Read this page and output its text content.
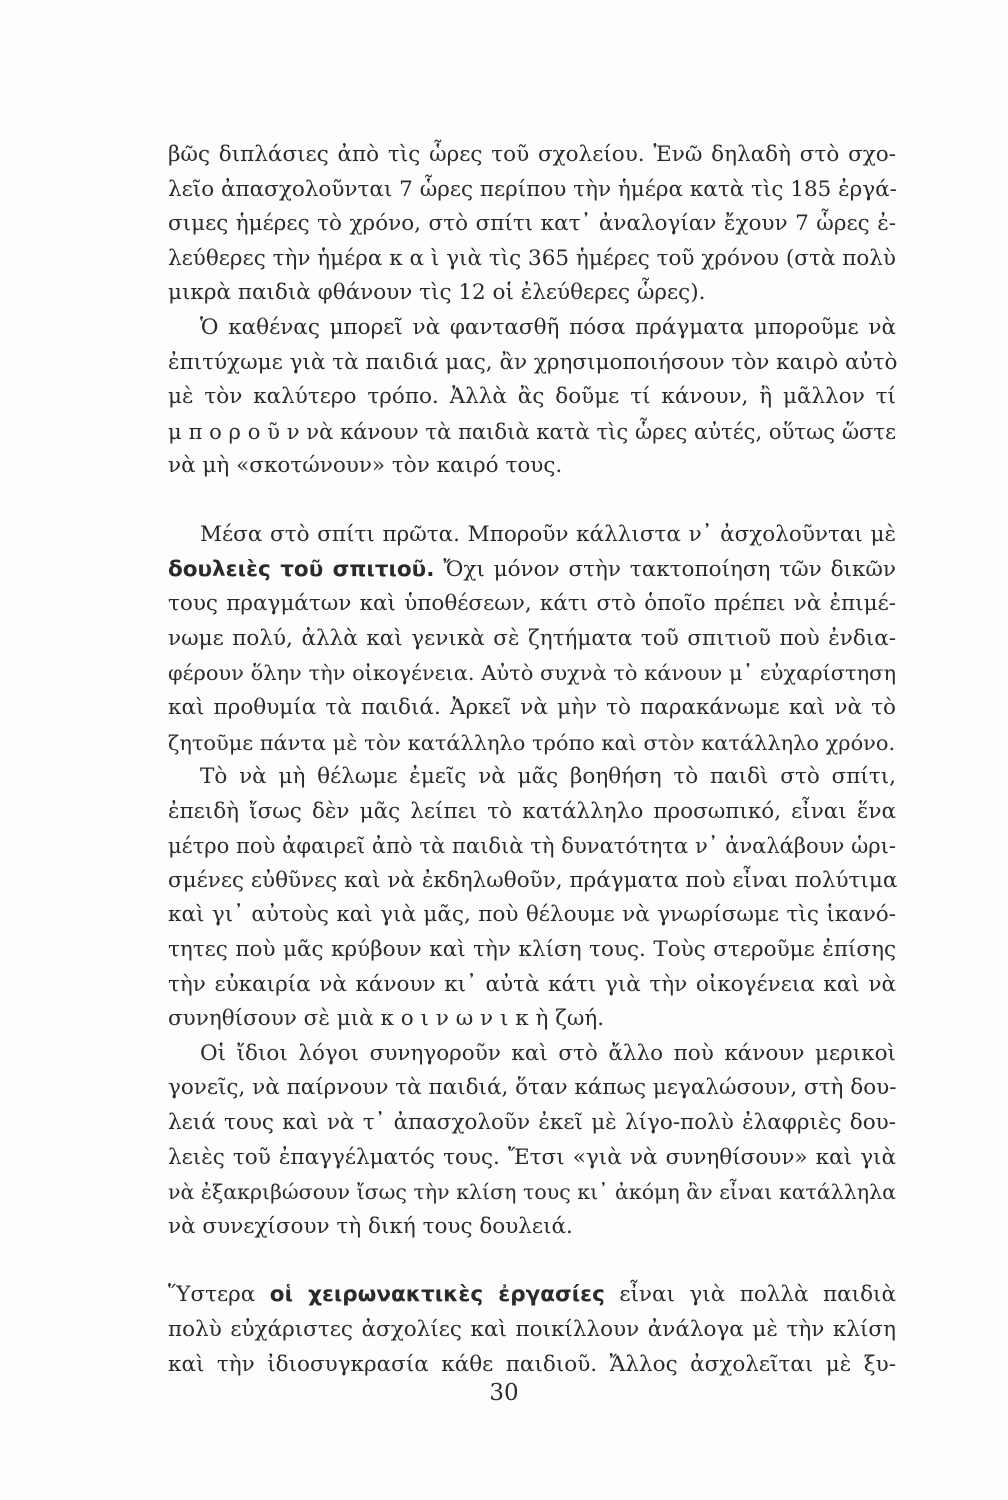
βῶς διπλάσιες ἀπὸ τὶς ὧρες τοῦ σχολείου. Ἐνῶ δηλαδὴ στὸ σχο-
λεῖο ἀπασχολοῦνται 7 ὧρες περίπου τὴν ἡμέρα κατὰ τὶς 185 ἐργά-
σιμες ἡμέρες τὸ χρόνο, στὸ σπίτι κατ᾽ ἀναλογίαν ἔχουν 7 ὧρες ἐ-
λεύθερες τὴν ἡμέρα κ α ὶ γιὰ τὶς 365 ἡμέρες τοῦ χρόνου (στὰ πολὺ
μικρὰ παιδιὰ φθάνουν τὶς 12 οἱ ἐλεύθερες ὧρες).
Ὁ καθένας μπορεῖ νὰ φαντασθῆ πόσα πράγματα μποροῦμε νὰ
ἐπιτύχωμε γιὰ τὰ παιδιά μας, ἂν χρησιμοποιήσουν τὸν καιρὸ αὐτὸ
μὲ τὸν καλύτερο τρόπο. Ἀλλὰ ἂς δοῦμε τί κάνουν, ἢ μᾶλλον τί
μ π ο ρ ο ῦ ν νὰ κάνουν τὰ παιδιὰ κατὰ τὶς ὧρες αὐτές, οὕτως ὥστε
νὰ μὴ «σκοτώνουν» τὸν καιρό τους.
Μέσα στὸ σπίτι πρῶτα. Μποροῦν κάλλιστα ν᾽ ἀσχολοῦνται μὲ
δουλειὲς τοῦ σπιτιοῦ. Ὄχι μόνον στὴν τακτοποίηση τῶν δικῶν
τους πραγμάτων καὶ ὑποθέσεων, κάτι στὸ ὁποῖο πρέπει νὰ ἐπιμέ-
νωμε πολύ, ἀλλὰ καὶ γενικὰ σὲ ζητήματα τοῦ σπιτιοῦ ποὺ ἐνδια-
φέρουν ὅλην τὴν οἰκογένεια. Αὐτὸ συχνὰ τὸ κάνουν μ᾽ εὐχαρίστηση
καὶ προθυμία τὰ παιδιά. Ἀρκεῖ νὰ μὴν τὸ παρακάνωμε καὶ νὰ τὸ
ζητοῦμε πάντα μὲ τὸν κατάλληλο τρόπο καὶ στὸν κατάλληλο χρόνο.
Τὸ νὰ μὴ θέλωμε ἐμεῖς νὰ μᾶς βοηθήση τὸ παιδὶ στὸ σπίτι,
ἐπειδὴ ἴσως δὲν μᾶς λείπει τὸ κατάλληλο προσωπικό, εἶναι ἕνα
μέτρο ποὺ ἀφαιρεῖ ἀπὸ τὰ παιδιὰ τὴ δυνατότητα ν᾽ ἀναλάβουν ὡρι-
σμένες εὐθῦνες καὶ νὰ ἐκδηλωθοῦν, πράγματα ποὺ εἶναι πολύτιμα
καὶ γι᾽ αὐτοὺς καὶ γιὰ μᾶς, ποὺ θέλουμε νὰ γνωρίσωμε τὶς ἱκανό-
τητες ποὺ μᾶς κρύβουν καὶ τὴν κλίση τους. Τοὺς στεροῦμε ἐπίσης
τὴν εὐκαιρία νὰ κάνουν κι᾽ αὐτὰ κάτι γιὰ τὴν οἰκογένεια καὶ νὰ
συνηθίσουν σὲ μιὰ κ ο ι ν ω ν ι κ ὴ ζωή.
Οἱ ἴδιοι λόγοι συνηγοροῦν καὶ στὸ ἄλλο ποὺ κάνουν μερικοὶ
γονεῖς, νὰ παίρνουν τὰ παιδιά, ὅταν κάπως μεγαλώσουν, στὴ δου-
λειά τους καὶ νὰ τ᾽ ἀπασχολοῦν ἐκεῖ μὲ λίγο-πολὺ ἐλαφριὲς δου-
λειὲς τοῦ ἐπαγγέλματός τους. Ἔτσι «γιὰ νὰ συνηθίσουν» καὶ γιὰ
νὰ ἐξακριβώσουν ἴσως τὴν κλίση τους κι᾽ ἀκόμη ἂν εἶναι κατάλληλα
νὰ συνεχίσουν τὴ δική τους δουλειά.
Ὕστερα οἱ χειρωνακτικὲς ἐργασίες εἶναι γιὰ πολλὰ παιδιὰ
πολὺ εὐχάριστες ἀσχολίες καὶ ποικίλλουν ἀνάλογα μὲ τὴν κλίση
καὶ τὴν ἰδιοσυγκρασία κάθε παιδιοῦ. Ἄλλος ἀσχολεῖται μὲ ξυ-
30
